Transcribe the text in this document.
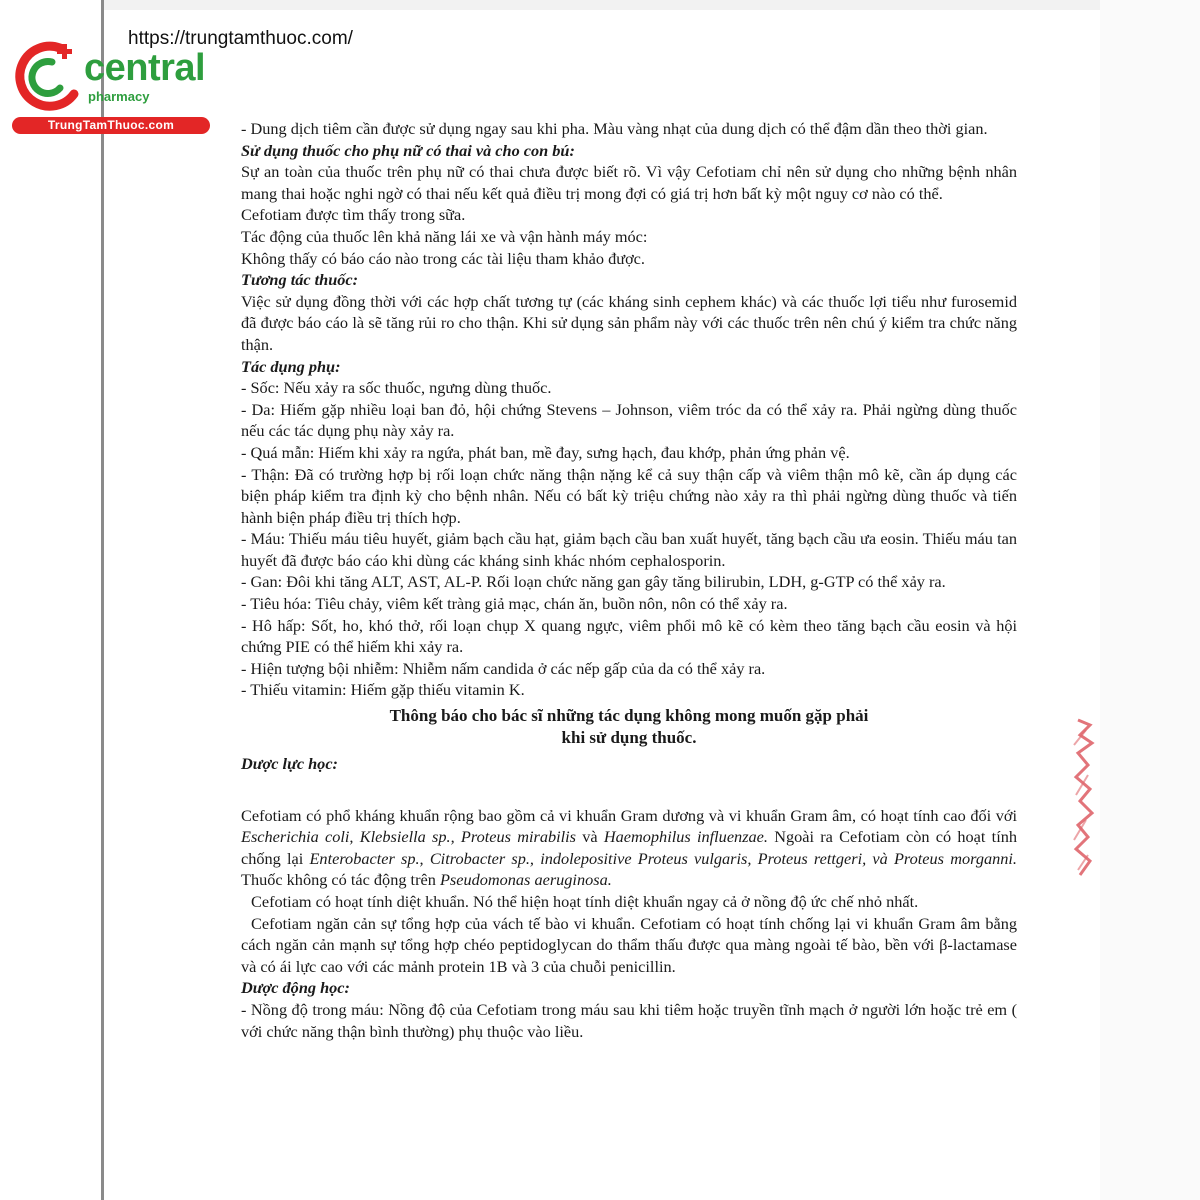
central
pharmacy
TrungTamThuoc.com
https://trungtamthuoc.com/

- Dung dịch tiêm cần được sử dụng ngay sau khi pha. Màu vàng nhạt của dung dịch có thể đậm dần theo thời gian.

Sử dụng thuốc cho phụ nữ có thai và cho con bú:

Sự an toàn của thuốc trên phụ nữ có thai chưa được biết rõ. Vì vậy Cefotiam chỉ nên sử dụng cho những bệnh nhân mang thai hoặc nghi ngờ có thai nếu kết quả điều trị mong đợi có giá trị hơn bất kỳ một nguy cơ nào có thể.

Cefotiam được tìm thấy trong sữa.

Tác động của thuốc lên khả năng lái xe và vận hành máy móc:

Không thấy có báo cáo nào trong các tài liệu tham khảo được.

Tương tác thuốc:

Việc sử dụng đồng thời với các hợp chất tương tự (các kháng sinh cephem khác) và các thuốc lợi tiểu như furosemid đã được báo cáo là sẽ tăng rủi ro cho thận. Khi sử dụng sản phẩm này với các thuốc trên nên chú ý kiểm tra chức năng thận.

Tác dụng phụ:

- Sốc: Nếu xảy ra sốc thuốc, ngưng dùng thuốc.

- Da: Hiếm gặp nhiều loại ban đỏ, hội chứng Stevens – Johnson, viêm tróc da có thể xảy ra. Phải ngừng dùng thuốc nếu các tác dụng phụ này xảy ra.

- Quá mẫn: Hiếm khi xảy ra ngứa, phát ban, mề đay, sưng hạch, đau khớp, phản ứng phản vệ.

- Thận: Đã có trường hợp bị rối loạn chức năng thận nặng kể cả suy thận cấp và viêm thận mô kẽ, cần áp dụng các biện pháp kiểm tra định kỳ cho bệnh nhân. Nếu có bất kỳ triệu chứng nào xảy ra thì phải ngừng dùng thuốc và tiến hành biện pháp điều trị thích hợp.

- Máu: Thiếu máu tiêu huyết, giảm bạch cầu hạt, giảm bạch cầu ban xuất huyết, tăng bạch cầu ưa eosin. Thiếu máu tan huyết đã được báo cáo khi dùng các kháng sinh khác nhóm cephalosporin.

- Gan: Đôi khi tăng ALT, AST, AL-P. Rối loạn chức năng gan gây tăng bilirubin, LDH, g-GTP có thể xảy ra.

- Tiêu hóa: Tiêu chảy, viêm kết tràng giả mạc, chán ăn, buồn nôn, nôn có thể xảy ra.

- Hô hấp: Sốt, ho, khó thở, rối loạn chụp X quang ngực, viêm phổi mô kẽ có kèm theo tăng bạch cầu eosin và hội chứng PIE có thể hiếm khi xảy ra.

- Hiện tượng bội nhiễm: Nhiễm nấm candida ở các nếp gấp của da có thể xảy ra.

- Thiếu vitamin: Hiếm gặp thiếu vitamin K.

Thông báo cho bác sĩ những tác dụng không mong muốn gặp phải
khi sử dụng thuốc.

Dược lực học:

Cefotiam có phổ kháng khuẩn rộng bao gồm cả vi khuẩn Gram dương và vi khuẩn Gram âm, có hoạt tính cao đối với Escherichia coli, Klebsiella sp., Proteus mirabilis và Haemophilus influenzae. Ngoài ra Cefotiam còn có hoạt tính chống lại Enterobacter sp., Citrobacter sp., indolepositive Proteus vulgaris, Proteus rettgeri, và Proteus morganni. Thuốc không có tác động trên Pseudomonas aeruginosa.

Cefotiam có hoạt tính diệt khuẩn. Nó thể hiện hoạt tính diệt khuẩn ngay cả ở nồng độ ức chế nhỏ nhất.

Cefotiam ngăn cản sự tổng hợp của vách tế bào vi khuẩn. Cefotiam có hoạt tính chống lại vi khuẩn Gram âm bằng cách ngăn cản mạnh sự tổng hợp chéo peptidoglycan do thẩm thấu được qua màng ngoài tế bào, bền với β-lactamase và có ái lực cao với các mảnh protein 1B và 3 của chuỗi penicillin.

Dược động học:

- Nồng độ trong máu: Nồng độ của Cefotiam trong máu sau khi tiêm hoặc truyền tĩnh mạch ở người lớn hoặc trẻ em ( với chức năng thận bình thường) phụ thuộc vào liều.
